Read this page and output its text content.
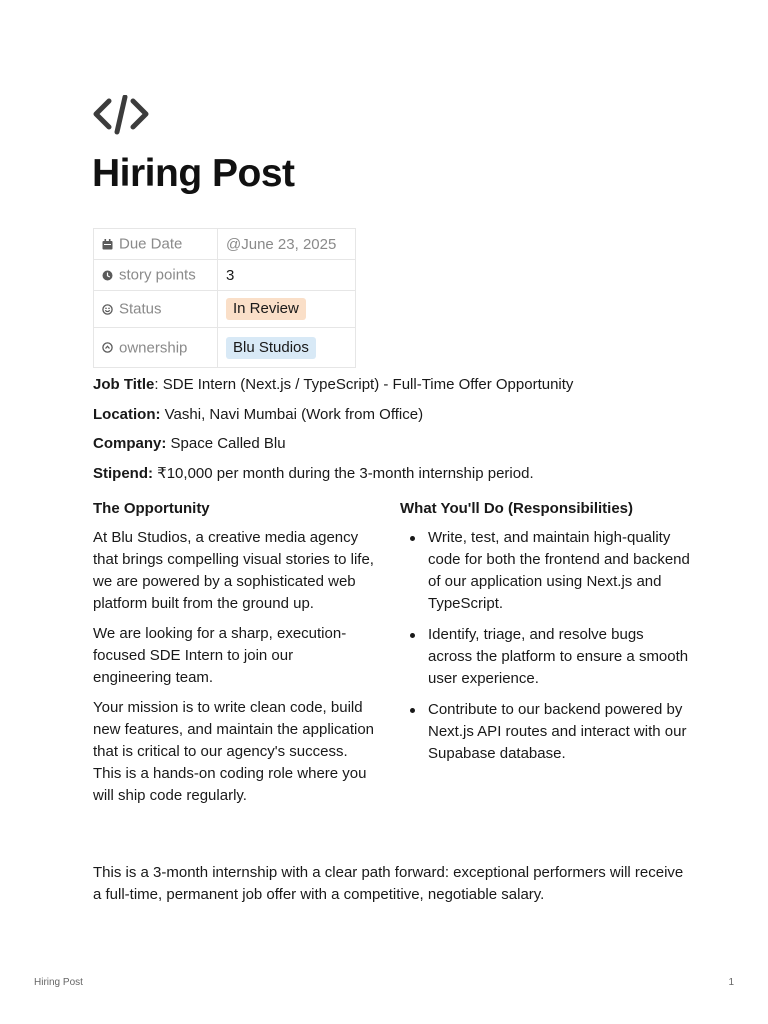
Hiring Post
Due Date	@June 23, 2025
story points	3
Status	In Review
ownership	Blu Studios
Job Title: SDE Intern (Next.js / TypeScript) - Full-Time Offer Opportunity
Location: Vashi, Navi Mumbai (Work from Office)
Company: Space Called Blu
Stipend: ₹10,000 per month during the 3-month internship period.
The Opportunity

At Blu Studios, a creative media agency that brings compelling visual stories to life, we are powered by a sophisticated web platform built from the ground up.

We are looking for a sharp, execution-focused SDE Intern to join our engineering team.

Your mission is to write clean code, build new features, and maintain the application that is critical to our agency's success. This is a hands-on coding role where you will ship code regularly.

What You'll Do (Responsibilities)
Write, test, and maintain high-quality code for both the frontend and backend of our application using Next.js and TypeScript.
Identify, triage, and resolve bugs across the platform to ensure a smooth user experience.
Contribute to our backend powered by Next.js API routes and interact with our Supabase database.

This is a 3-month internship with a clear path forward: exceptional performers will receive a full-time, permanent job offer with a competitive, negotiable salary.

Hiring Post	1
